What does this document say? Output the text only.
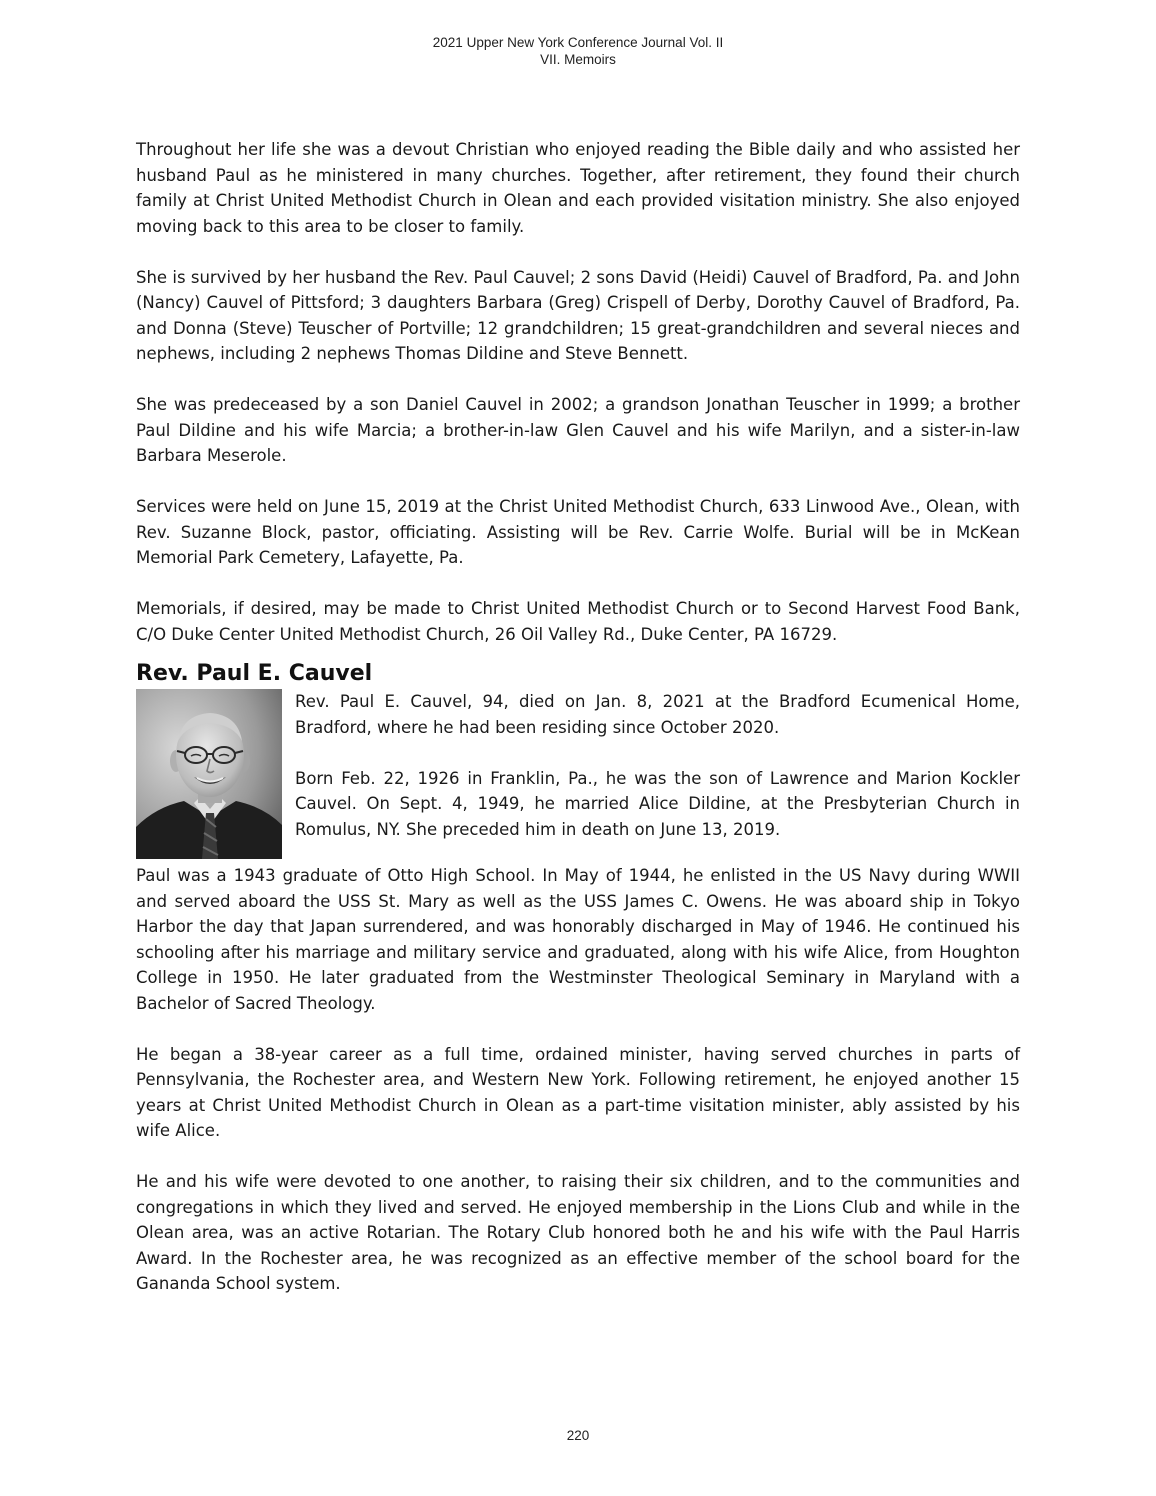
2021 Upper New York Conference Journal Vol. II
VII. Memoirs

Throughout her life she was a devout Christian who enjoyed reading the Bible daily and who assisted her husband Paul as he ministered in many churches. Together, after retirement, they found their church family at Christ United Methodist Church in Olean and each provided visitation ministry. She also enjoyed moving back to this area to be closer to family.

She is survived by her husband the Rev. Paul Cauvel; 2 sons David (Heidi) Cauvel of Bradford, Pa. and John (Nancy) Cauvel of Pittsford; 3 daughters Barbara (Greg) Crispell of Derby, Dorothy Cauvel of Bradford, Pa. and Donna (Steve) Teuscher of Portville; 12 grandchildren; 15 great-grandchildren and several nieces and nephews, including 2 nephews Thomas Dildine and Steve Bennett.

She was predeceased by a son Daniel Cauvel in 2002; a grandson Jonathan Teuscher in 1999; a brother Paul Dildine and his wife Marcia; a brother-in-law Glen Cauvel and his wife Marilyn, and a sister-in-law Barbara Meserole.

Services were held on June 15, 2019 at the Christ United Methodist Church, 633 Linwood Ave., Olean, with Rev. Suzanne Block, pastor, officiating. Assisting will be Rev. Carrie Wolfe. Burial will be in McKean Memorial Park Cemetery, Lafayette, Pa.

Memorials, if desired, may be made to Christ United Methodist Church or to Second Harvest Food Bank, C/O Duke Center United Methodist Church, 26 Oil Valley Rd., Duke Center, PA 16729.

Rev. Paul E. Cauvel

Rev. Paul E. Cauvel, 94, died on Jan. 8, 2021 at the Bradford Ecumenical Home, Bradford, where he had been residing since October 2020.

Born Feb. 22, 1926 in Franklin, Pa., he was the son of Lawrence and Marion Kockler Cauvel. On Sept. 4, 1949, he married Alice Dildine, at the Presbyterian Church in Romulus, NY. She preceded him in death on June 13, 2019.

Paul was a 1943 graduate of Otto High School. In May of 1944, he enlisted in the US Navy during WWII and served aboard the USS St. Mary as well as the USS James C. Owens. He was aboard ship in Tokyo Harbor the day that Japan surrendered, and was honorably discharged in May of 1946. He continued his schooling after his marriage and military service and graduated, along with his wife Alice, from Houghton College in 1950. He later graduated from the Westminster Theological Seminary in Maryland with a Bachelor of Sacred Theology.

He began a 38-year career as a full time, ordained minister, having served churches in parts of Pennsylvania, the Rochester area, and Western New York. Following retirement, he enjoyed another 15 years at Christ United Methodist Church in Olean as a part-time visitation minister, ably assisted by his wife Alice.

He and his wife were devoted to one another, to raising their six children, and to the communities and congregations in which they lived and served. He enjoyed membership in the Lions Club and while in the Olean area, was an active Rotarian. The Rotary Club honored both he and his wife with the Paul Harris Award. In the Rochester area, he was recognized as an effective member of the school board for the Gananda School system.

220
